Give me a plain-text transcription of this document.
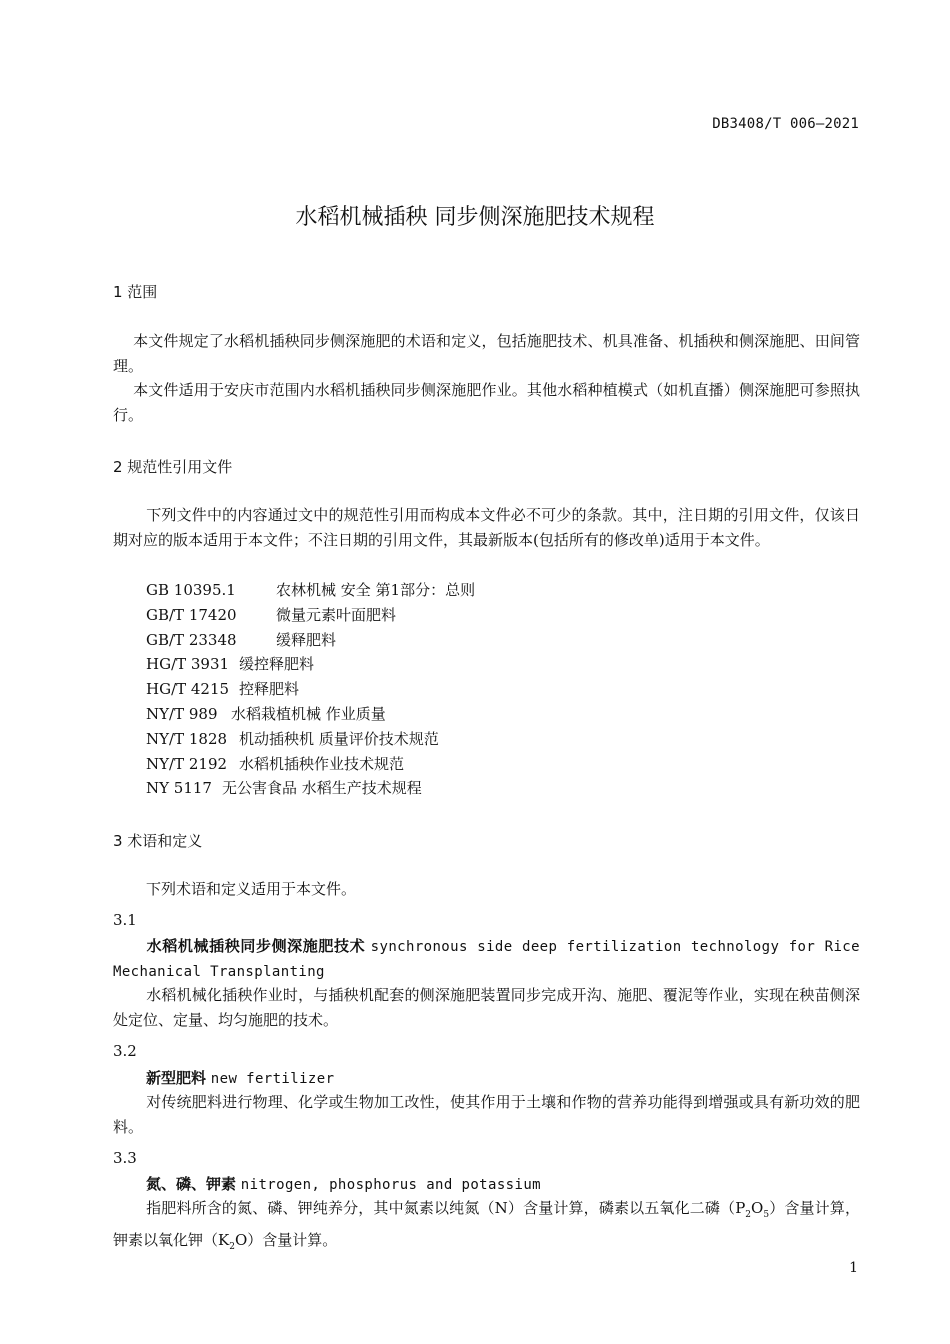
DB3408/T 006—2021
水稻机械插秧 同步侧深施肥技术规程
1 范围
本文件规定了水稻机插秧同步侧深施肥的术语和定义，包括施肥技术、机具准备、机插秧和侧深施肥、田间管理。
本文件适用于安庆市范围内水稻机插秧同步侧深施肥作业。其他水稻种植模式（如机直播）侧深施肥可参照执行。
2 规范性引用文件
下列文件中的内容通过文中的规范性引用而构成本文件必不可少的条款。其中，注日期的引用文件，仅该日期对应的版本适用于本文件；不注日期的引用文件，其最新版本(包括所有的修改单)适用于本文件。
GB 10395.1	农林机械 安全 第1部分：总则
GB/T 17420	微量元素叶面肥料
GB/T 23348	缓释肥料
HG/T 3931 缓控释肥料
HG/T 4215 控释肥料
NY/T 989 水稻栽植机械 作业质量
NY/T 1828 机动插秧机 质量评价技术规范
NY/T 2192 水稻机插秧作业技术规范
NY 5117 无公害食品 水稻生产技术规程
3 术语和定义
下列术语和定义适用于本文件。
3.1
水稻机械插秧同步侧深施肥技术 synchronous side deep fertilization technology for Rice Mechanical Transplanting
水稻机械化插秧作业时，与插秧机配套的侧深施肥装置同步完成开沟、施肥、覆泥等作业，实现在秧苗侧深处定位、定量、均匀施肥的技术。
3.2
新型肥料 new fertilizer
对传统肥料进行物理、化学或生物加工改性，使其作用于土壤和作物的营养功能得到增强或具有新功效的肥料。
3.3
氮、磷、钾素 nitrogen, phosphorus and potassium
指肥料所含的氮、磷、钾纯养分，其中氮素以纯氮（N）含量计算，磷素以五氧化二磷$(P_2O_5)$含量计算，钾素以氧化钾$(K_2O)$含量计算。
1
